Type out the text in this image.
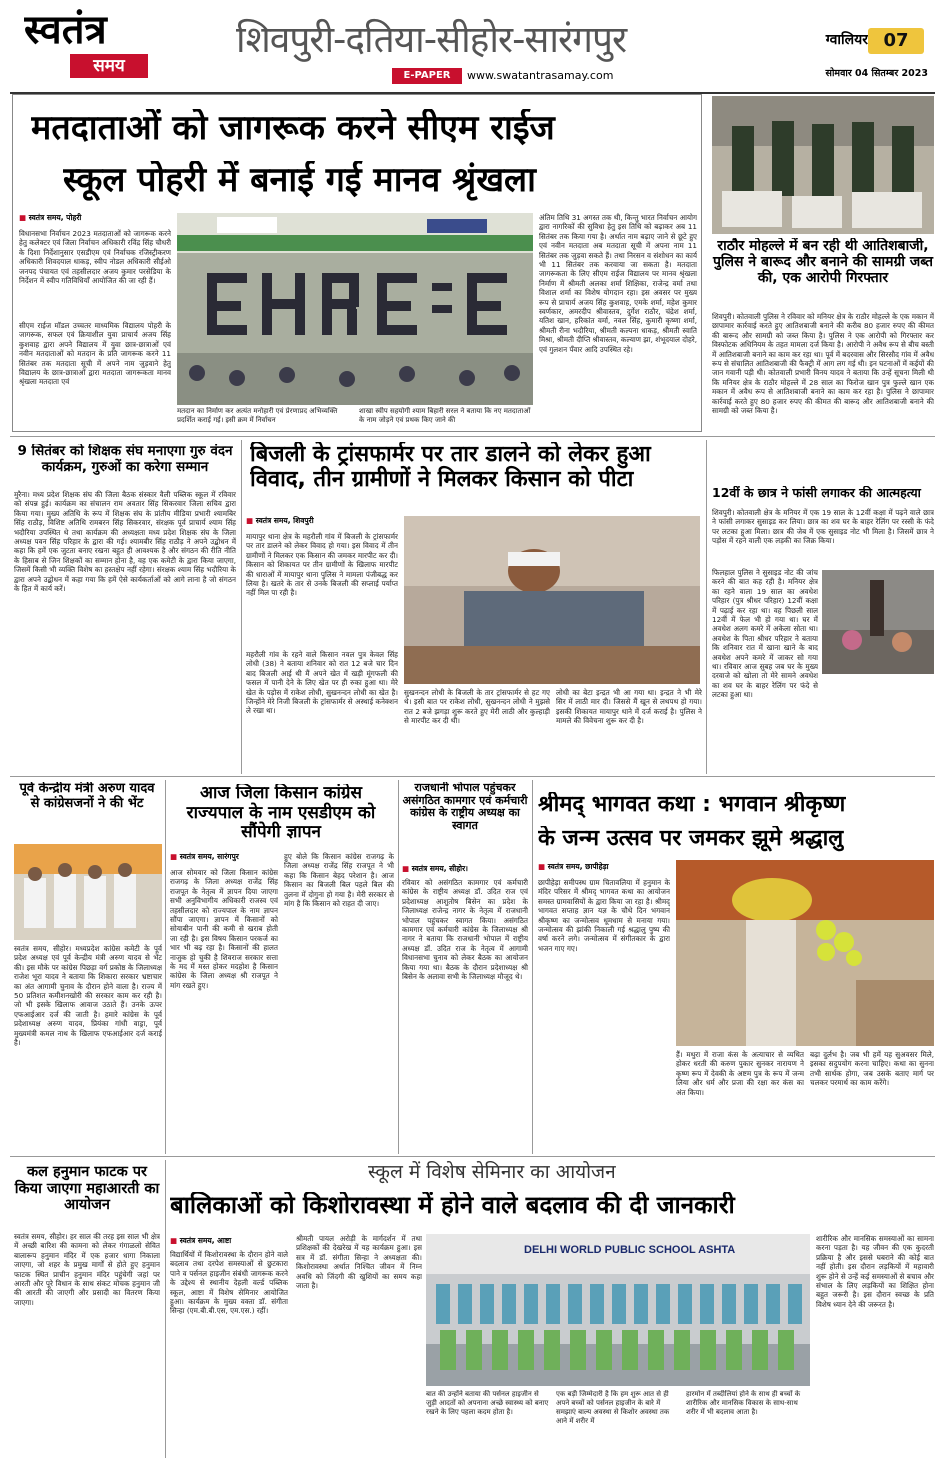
स्वतंत्र
समय
शिवपुरी-दतिया-सीहोर-सारंगपुर
E-PAPER	www.swatantrasamay.com
ग्वालियर 07
सोमवार 04 सितम्बर 2023
मतदाताओं को जागरूक करने सीएम राईज
स्कूल पोहरी में बनाई गई मानव श्रृंखला
■ स्वतंत्र समय, पोहरी
विधानसभा निर्वाचन 2023 मतदाताओं को जागरूक करने हेतु कलेक्टर एवं जिला निर्वाचन अधिकारी रविंद्र सिंह चौधरी के दिशा निर्देशानुसार एसडीएम एवं निर्वाचक रजिस्ट्रीकरण अधिकारी शिवदयाल धाकड़, स्वीप नोडल अधिकारी सीईओ जनपद पंचायत एवं तहसीलदार अजय कुमार परसेडिया के निर्देशन में स्वीप गतिविधियाँ आयोजित की जा रही हैं।
सीएम राईज मॉडल उच्चतर माध्यमिक विद्यालय पोहरी के जागरूक, सफल एवं क्रियाशील युवा प्राचार्य अजय सिंह कुशवाह द्वारा अपने विद्यालय में युवा छात्र-छात्राओं एवं नवीन मतदाताओं को मतदान के प्रति जागरूक करने 11 सितंबर तक मतदाता सूची में अपने नाम जुड़वाने हेतु विद्यालय के छात्र-छात्राओं द्वारा मतदाता जागरूकता मानव श्रृंखला मतदाता एवं
मतदान का निर्माण कर अत्यंत मनोहारी एवं प्रेरणाप्रद अभिव्यक्ति प्रदर्शित कराई गई। इसी क्रम में निर्वाचन
शाखा स्वीप सहयोगी श्याम बिहारी सरल ने बताया कि नए मतदाताओं के नाम जोड़ने एवं प्रथक किए जाने की
अंतिम तिथि 31 अगस्त तक थी, किन्तु भारत निर्वाचन आयोग द्वारा नागरिकों की सुविधा हेतु इस तिथि को बढ़ाकर अब 11 सितंबर तक किया गया है। अर्थात नाम बढ़ाए जाने से छूटे हुए एवं नवीन मतदाता अब मतदाता सूची में अपना नाम 11 सितंबर तक जुड़वा सकते हैं। तथा निरसन व संशोधन का कार्य भी 11 सितंबर तक करवाया जा सकता है। मतदाता जागरूकता के लिए सीएम राईज विद्यालय पर मानव श्रृंखला निर्माण में श्रीमती अलका शर्मा शिक्षिका, राजेन्द्र वर्मा तथा विशाल शर्मा का विशेष योगदान रहा। इस अवसर पर मुख्य रूप से प्राचार्य अजय सिंह कुशवाह, एमके शर्मा, महेश कुमार स्वर्णकार, अमरदीप श्रीवास्तव, दुर्गेश राठौर, चंद्रेश शर्मा, यतिश खान, हरिकांत वर्मा, नवल सिंह, कुमारी कृष्णा शर्मा, श्रीमती रीना भदौरिया, श्रीमती कल्पना धाकड़, श्रीमती स्वाति मिश्रा, श्रीमती दीप्ति श्रीवास्तव, कल्याण झा, शंभूदयाल दोहरे, एवं गुलशन पँवार आदि उपस्थित रहे।
राठौर मोहल्ले में बन रही थी आतिशबाजी, पुलिस ने बारूद और बनाने की सामग्री जब्त की, एक आरोपी गिरफ्तार
शिवपुरी। कोतवाली पुलिस ने रविवार को मनियर क्षेत्र के राठौर मोहल्ले के एक मकान में छापामार कार्रवाई करते हुए आतिशबाजी बनाने की करीब 80 हजार रुपए की कीमत की बारूद और सामग्री को जब्त किया है। पुलिस ने एक आरोपी को गिरफ्तार कर विस्फोटक अधिनियम के तहत मामला दर्ज किया है। आरोपी ने अवैध रूप से बीच बस्ती में आतिशबाजी बनाने का काम कर रहा था। पूर्व में बदरवास और सिरसौद गांव में अवैध रूप से संचालित आतिशबाजी की फैक्ट्री में आग लग गई थी। इन घटनाओं में कईयों की जान गवानी पड़ी थी। कोतवाली प्रभारी विनय यादव ने बताया कि उन्हें सूचना मिली थी कि मनियर क्षेत्र के राठौर मोहल्ले में 28 साल का फिरोज खान पुत्र फुल्ले खान एक मकान में अवैध रूप से आतिशबाजी बनाने का काम कर रहा है। पुलिस ने छापामार कार्रवाई करते हुए 80 हजार रुपए की कीमत की बारूद और आतिशबाजी बनाने की सामग्री को जब्त किया है।
9 सितंबर को शिक्षक संघ मनाएगा गुरु वंदन कार्यक्रम, गुरुओं का करेगा सम्मान
मुरैना। मध्य प्रदेश शिक्षक संघ की जिला बैठक संस्कार वैली पब्लिक स्कूल में रविवार को संपन्न हुई। कार्यक्रम का संचालन राम अवतार सिंह सिकरवार जिला सचिव द्वारा किया गया। मुख्य अतिथि के रूप में शिक्षक संघ के प्रांतीय मीडिया प्रभारी श्यामबिर सिंह राठौड़, विशिष्ट अतिथि रामबरन सिंह सिकरवार, संरक्षक पूर्व प्राचार्य श्याम सिंह भदौरिया उपस्थित थे तथा कार्यक्रम की अध्यक्षता मध्य प्रदेश शिक्षक संघ के जिला अध्यक्ष पवन सिंह परिहार के द्वारा की गई। श्यामबीर सिंह राठौड़ ने अपने उद्बोधन में कहा कि हमें एक जुटता बनाए रखना बहुत ही आवश्यक है और संगठन की रीति नीति के हिसाब से जिन शिक्षकों का सम्मान होना है, वह एक कमेटी के द्वारा किया जाएगा, जिसमें किसी भी व्यक्ति विशेष का हस्तक्षेप नहीं रहेगा। संरक्षक श्याम सिंह भदौरिया के द्वारा अपने उद्बोधन में कहा गया कि हमें ऐसे कार्यकर्ताओं को आगे लाना है जो संगठन के हित में कार्य करें।
बिजली के ट्रांसफार्मर पर तार डालने को लेकर हुआ विवाद, तीन ग्रामीणों ने मिलकर किसान को पीटा
■ स्वतंत्र समय, शिवपुरी
मायापुर थाना क्षेत्र के महरौली गांव में बिजली के ट्रांसफार्मर पर तार डालने को लेकर विवाद हो गया। इस विवाद में तीन ग्रामीणों ने मिलकर एक किसान की जमकर मारपीट कर दी। किसान को शिकायत पर तीन ग्रामीणों के खिलाफ मारपीट की धाराओं में मायापुर थाना पुलिस ने मामला पंजीबद्ध कर लिया है। खतरे के तार से उनके बिजली की सप्लाई पर्याप्त नहीं मिल पा रही है।
महरौली गांव के रहने वाले किसान नवल पुत्र केवल सिंह लोधी (38) ने बताया शनिवार को रात 12 बजे चार दिन बाद बिजली आई थी मैं अपने खेत में खड़ी मूंगफली की फसल में पानी देने के लिए खेत पर ही रुका हुआ था। मेरे खेत के पड़ोस में राकेश लोधी, सुखनन्दन लोधी का खेत है। जिन्होंने मेरे निजी बिजली के ट्रांसफार्मर से अस्थाई कनेक्शन ले रखा था।
सुखनन्दन लोधी के बिजली के तार ट्रांसफार्मर से हट गए थे। इसी बात पर राकेश लोधी, सुखनन्दन लोधी ने मुझसे रात 2 बजे झगड़ा शुरू करते हुए मेरी लाठी और कुल्हाड़ी से मारपीट कर दी थी।
लोधी का बेटा इन्द्रत भी आ गया था। इन्द्रत ने भी मेरे सिर में लाठी मार दी। जिससे मैं खून से लथपथ हो गया। इसकी शिकायत मायापुर थाने में दर्ज कराई है। पुलिस ने मामले की विवेचना शुरू कर दी है।
12वीं के छात्र ने फांसी लगाकर की आत्महत्या
शिवपुरी। कोतवाली क्षेत्र के मनियर में एक 19 साल के 12वीं कक्षा में पढ़ने वाले छात्र ने फांसी लगाकर सुसाइड कर लिया। छात्र का शव घर के बाहर रेलिंग पर रस्सी के फंदे पर लटका हुआ मिला। छात्र की जेब में एक सुसाइड नोट भी मिला है। जिसमें छात्र ने पड़ोस में रहने वाली एक लड़की का जिक्र किया।
फिलहाल पुलिस ने सुसाइड नोट की जांच करने की बात कह रही है। मनियर क्षेत्र का रहने वाला 19 साल का अवधेश परिहार (पुत्र श्रीधर परिहार) 12वीं कक्षा में पढ़ाई कर रहा था। वह पिछली साल 12वीं में फेल भी हो गया था। घर में अवधेश अलग कमरे में अकेला सोता था। अवधेश के पिता श्रीधर परिहार ने बताया कि शनिवार रात में खाना खाने के बाद अवधेश अपने कमरे में जाकर सो गया था। रविवार आज सुबह जब घर के मुख्य दरवाजे को खोला तो मेरे सामने अवधेश का शव घर के बाहर रेलिंग पर फंदे से लटका हुआ था।
पूर्व केन्द्रीय मंत्री अरुण यादव से कांग्रेसजनों ने की भेंट
स्वतंत्र समय, सीहोर। मध्यप्रदेश कांग्रेस कमेटी के पूर्व प्रदेश अध्यक्ष एवं पूर्व केन्द्रीय मंत्री अरुण यादव से भेंट की। इस मौके पर कांग्रेस पिछड़ा वर्ग प्रकोष्ठ के जिलाध्यक्ष राजेश भूरा यादव ने बताया कि शिकारा सरकार भ्रष्टाचार का अंत आगामी चुनाव के दौरान होने वाला है। राज्य में 50 प्रतिशत कमीशनखोरी की सरकार काम कर रही है। जो भी इसके खिलाफ आवाज उठाते हैं। उनके ऊपर एफआईआर दर्ज की जाती है। हमारे कांग्रेस के पूर्व प्रदेशाध्यक्ष अरुण यादव, प्रियंका गांधी वाड्रा, पूर्व मुख्यमंत्री कमल नाथ के खिलाफ एफआईआर दर्ज कराई है।
आज जिला किसान कांग्रेस राज्यपाल के नाम एसडीएम को सौंपेगी ज्ञापन
■ स्वतंत्र समय, सारंगपुर
आज सोमवार को जिला किसान कांग्रेस राजगढ़ के जिला अध्यक्ष राजेंद्र सिंह राजपूत के नेतृत्व में ज्ञापन दिया जाएगा सभी अनुविभागीय अधिकारी राजस्व एवं तहसीलदार को राज्यपाल के नाम ज्ञापन सौंपा जाएगा। ज्ञापन में किसानों को सोयाबीन पानी की कमी से खराब होती जा रही है। इस विषय किसान परकर्ज का भार भी बढ़ रहा है। किसानों की हालत नाजुक हो चुकी है शिवराज सरकार सत्ता के मद में मस्त होकर मदहोश है किसान कांग्रेस के जिला अध्यक्ष श्री राजपूत ने मांग रखते हुए।
हुए बोले कि किसान कांग्रेस राजगढ़ के जिला अध्यक्ष राजेंद्र सिंह राजपूत ने भी कहा कि किसान बेहद परेशान है। आज किसान का बिजली बिल पहले बिल की तुलना में दोगुना हो गया है। मेरी सरकार से मांग है कि किसान को राहत दी जाए।
राजधानी भोपाल पहुंचकर असंगठित कामगार एवं कर्मचारी कांग्रेस के राष्ट्रीय अध्यक्ष का स्वागत
■ स्वतंत्र समय, सीहोर।
रविवार को असंगठित कामगार एवं कर्मचारी कांग्रेस के राष्ट्रीय अध्यक्ष डॉ. उदित राज एवं प्रदेशाध्यक्ष आशुतोष बिसेन का प्रदेश के जिलाध्यक्ष राजेन्द्र नागर के नेतृत्व में राजधानी भोपाल पहुंचकर स्वागत किया। असंगठित कामगार एवं कर्मचारी कांग्रेस के जिलाध्यक्ष श्री नागर ने बताया कि राजधानी भोपाल में राष्ट्रीय अध्यक्ष डॉ. उदित राज के नेतृत्व में आगामी विधानसभा चुनाव को लेकर बैठक का आयोजन किया गया था। बैठक के दौरान प्रदेशाध्यक्ष श्री बिसेन के अलावा सभी के जिलाध्यक्ष मौजूद थे।
श्रीमद् भागवत कथा : भगवान श्रीकृष्ण
के जन्म उत्सव पर जमकर झूमे श्रद्धालु
■ स्वतंत्र समय, छापीहेड़ा
छापीहेड़ा समीपस्थ ग्राम चितावलिया में हनुमान के मंदिर परिसर में श्रीमद् भागवत कथा का आयोजन समस्त ग्रामवासियों के द्वारा किया जा रहा है। श्रीमद् भागवत सप्ताह ज्ञान यज्ञ के चौथे दिन भगवान श्रीकृष्ण का जन्मोत्सव धूमधाम से मनाया गया। जन्मोत्सव की झांकी निकाली गई श्रद्धालु पुष्प की वर्षा करने लगे। जन्मोत्सव में संगीतकार के द्वारा भजन गाए गए।
हैं। मथुरा में राजा कंस के अत्याचार से व्यथित होकर धरती की करुण पुकार सुनकर नारायण ने कृष्ण रूप में देवकी के अष्टम पुत्र के रूप में जन्म लिया और धर्म और प्रजा की रक्षा कर कंस का अंत किया।
बढ़ा दुर्लभ है। जब भी हमें यह सुअवसर मिले, इसका सदुपयोग करना चाहिए। कथा का सुनना तभी सार्थक होगा, जब उसके बताए मार्ग पर चलकर परमार्थ का काम करेंगे।
कल हनुमान फाटक पर किया जाएगा महाआरती का आयोजन
स्वतंत्र समय, सीहोर। हर साल की तरह इस साल भी क्षेत्र में अच्छी बारिश की कामना को लेकर गंगाळलो सेवित बालारूप हनुमान मंदिर में एक हजार धागा निकाला जाएगा, जो शहर के प्रमुख मार्गों से होते हुए हनुमान फाटक स्थित प्राचीन हनुमान मंदिर पहुंचेगी जहां पर आरती और पूरे विधान के साथ संकट मोचक हनुमान जी की आरती की जाएगी और प्रसादी का वितरण किया जाएगा।
स्कूल में विशेष सेमिनार का आयोजन
बालिकाओं को किशोरावस्था में होने वाले बदलाव की दी जानकारी
■ स्वतंत्र समय, आष्टा
विद्यार्थियों में किशोरावस्था के दौरान होने वाले बदलाव तथा दरपेश समस्याओं से छुटकारा पाने व पर्सनल हाइजीन संबंधी जागरूक करने के उद्देश्य से स्थानीय देहली वर्ल्ड पब्लिक स्कूल, आष्टा में विशेष सेमिनार आयोजित हुआ। कार्यक्रम के मुख्य वक्ता डॉ. संगीता सिन्हा (एम.बी.बी.एस, एम.एस.) रहीं।
श्रीमती पायल अरोड़ी के मार्गदर्शन में तथा प्रशिक्षकों की देखरेख में यह कार्यक्रम हुआ। इस सत्र में डॉ. संगीता सिन्हा ने अध्यक्षता की। किशोरावस्था अर्थात निश्चित जीवन में निम्न अवधि को जिंदगी की खुशियों का समय कहा जाता है।
DELHI WORLD PUBLIC SCHOOL ASHTA
बात की उन्होंने बताया की पर्सनल हाइजीन से जुड़ी आदतों को अपनाना अच्छे स्वास्थ्य को बनाए रखने के लिए पहला कदम होता है।
एक बड़ी जिम्मेदारी है कि हम शुरू आत से ही अपने बच्चों को पर्सनल हाइजीन के बारे में समझाएं बाल्य अवस्था से किशोर अवस्था तक आने में शरीर में
हारमोन में तब्दीलियां होने के साथ ही बच्चों के शारीरिक और मानसिक विकास के साथ-साथ शरीर में भी बदलाव आता है।
शारीरिक और मानसिक समस्याओं का सामना करना पड़ता है। यह जीवन की एक कुदरती प्रक्रिया है और इससे घबराने की कोई बात नहीं होती। इस दौरान लड़कियों में महावारी शुरू होने से उन्हें कई समस्याओं से बचाव और संभाल के लिए लड़कियों का शिक्षित होना बहुत जरूरी है। इस दौरान स्वच्छ के प्रति विशेष ध्यान देने की जरूरत है।
